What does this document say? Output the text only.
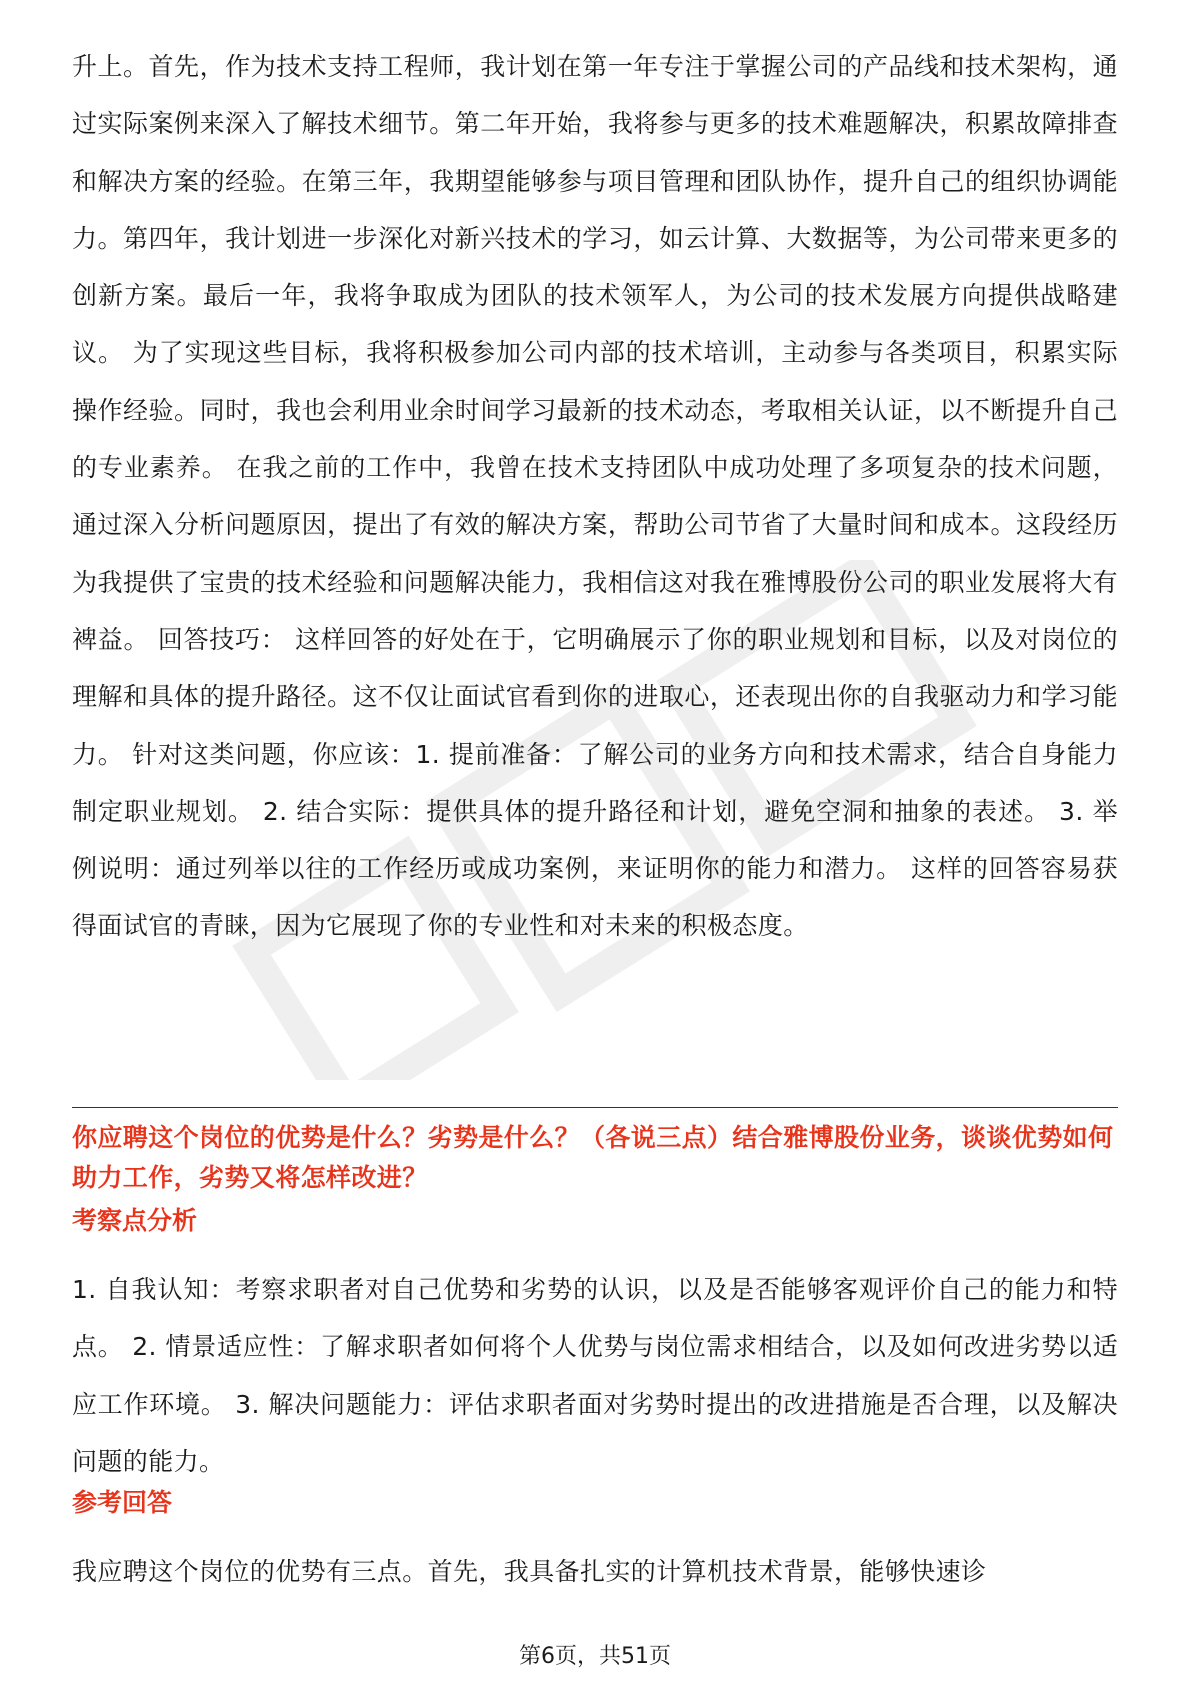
升上。首先，作为技术支持工程师，我计划在第一年专注于掌握公司的产品线和技术架构，通过实际案例来深入了解技术细节。第二年开始，我将参与更多的技术难题解决，积累故障排查和解决方案的经验。在第三年，我期望能够参与项目管理和团队协作，提升自己的组织协调能力。第四年，我计划进一步深化对新兴技术的学习，如云计算、大数据等，为公司带来更多的创新方案。最后一年，我将争取成为团队的技术领军人，为公司的技术发展方向提供战略建议。 为了实现这些目标，我将积极参加公司内部的技术培训，主动参与各类项目，积累实际操作经验。同时，我也会利用业余时间学习最新的技术动态，考取相关认证，以不断提升自己的专业素养。 在我之前的工作中，我曾在技术支持团队中成功处理了多项复杂的技术问题，通过深入分析问题原因，提出了有效的解决方案，帮助公司节省了大量时间和成本。这段经历为我提供了宝贵的技术经验和问题解决能力，我相信这对我在雅博股份公司的职业发展将大有裨益。 回答技巧： 这样回答的好处在于，它明确展示了你的职业规划和目标，以及对岗位的理解和具体的提升路径。这不仅让面试官看到你的进取心，还表现出你的自我驱动力和学习能力。 针对这类问题，你应该：1. 提前准备：了解公司的业务方向和技术需求，结合自身能力制定职业规划。 2. 结合实际：提供具体的提升路径和计划，避免空洞和抽象的表述。 3. 举例说明：通过列举以往的工作经历或成功案例，来证明你的能力和潜力。 这样的回答容易获得面试官的青睐，因为它展现了你的专业性和对未来的积极态度。

你应聘这个岗位的优势是什么？劣势是什么？（各说三点）结合雅博股份业务，谈谈优势如何助力工作，劣势又将怎样改进？

考察点分析

1. 自我认知：考察求职者对自己优势和劣势的认识，以及是否能够客观评价自己的能力和特点。 2. 情景适应性：了解求职者如何将个人优势与岗位需求相结合，以及如何改进劣势以适应工作环境。 3. 解决问题能力：评估求职者面对劣势时提出的改进措施是否合理，以及解决问题的能力。

参考回答

我应聘这个岗位的优势有三点。首先，我具备扎实的计算机技术背景，能够快速诊

第6页，共51页
